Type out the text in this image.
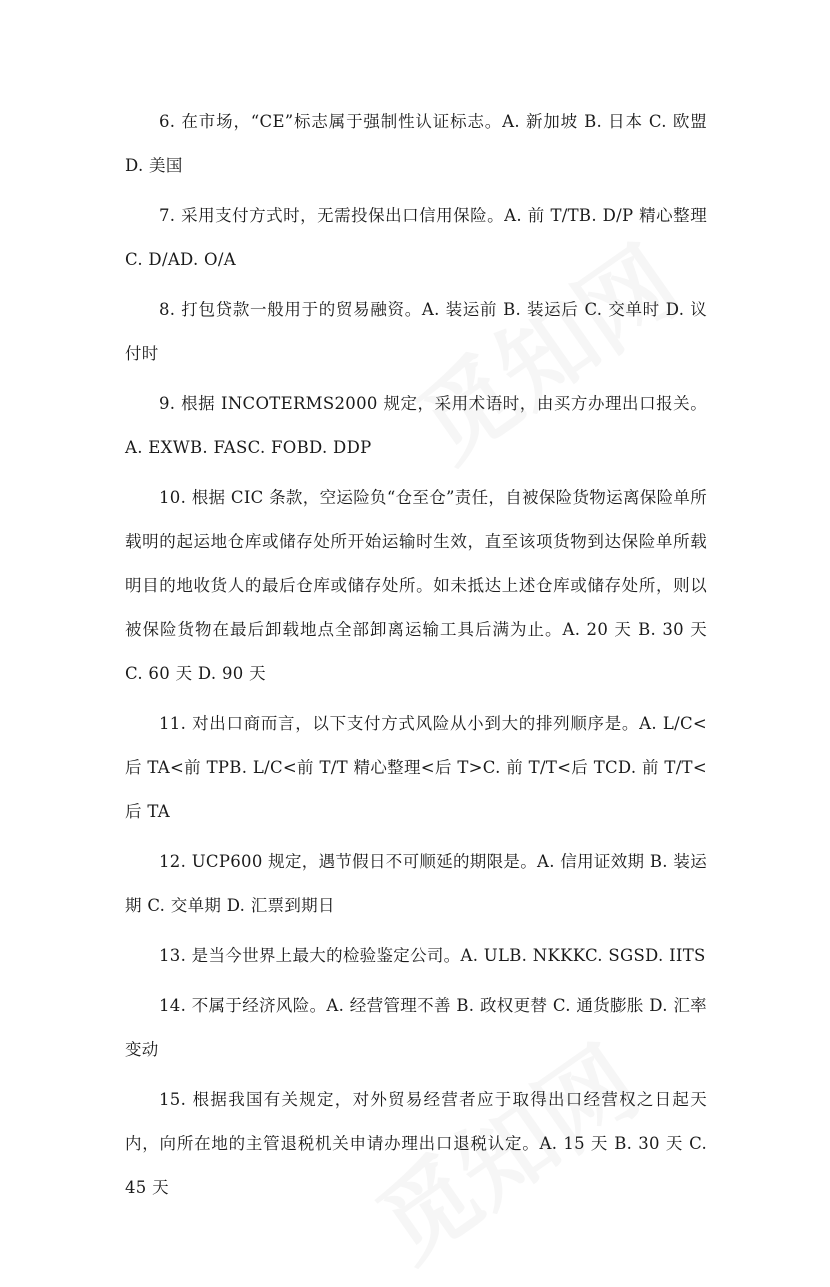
6. 在市场，“CE”标志属于强制性认证标志。A. 新加坡 B. 日本 C. 欧盟 D. 美国

7. 采用支付方式时，无需投保出口信用保险。A. 前 T/TB. D/P 精心整理 C. D/AD. O/A

8. 打包贷款一般用于的贸易融资。A. 装运前 B. 装运后 C. 交单时 D. 议付时

9. 根据 INCOTERMS2000 规定，采用术语时，由买方办理出口报关。A. EXWB. FASC. FOBD. DDP

10. 根据 CIC 条款，空运险负“仓至仓”责任，自被保险货物运离保险单所载明的起运地仓库或储存处所开始运输时生效，直至该项货物到达保险单所载明目的地收货人的最后仓库或储存处所。如未抵达上述仓库或储存处所，则以被保险货物在最后卸载地点全部卸离运输工具后满为止。A. 20 天 B. 30 天 C. 60 天 D. 90 天

11. 对出口商而言，以下支付方式风险从小到大的排列顺序是。A. L/C<后 TA<前 TPB. L/C<前 T/T 精心整理<后 T>C. 前 T/T<后 TCD. 前 T/T<后 TA

12. UCP600 规定，遇节假日不可顺延的期限是。A. 信用证效期 B. 装运期 C. 交单期 D. 汇票到期日

13. 是当今世界上最大的检验鉴定公司。A. ULB. NKKKC. SGSD. IITS

14. 不属于经济风险。A. 经营管理不善 B. 政权更替 C. 通货膨胀 D. 汇率变动

15. 根据我国有关规定，对外贸易经营者应于取得出口经营权之日起天内，向所在地的主管退税机关申请办理出口退税认定。A. 15 天 B. 30 天 C. 45 天
